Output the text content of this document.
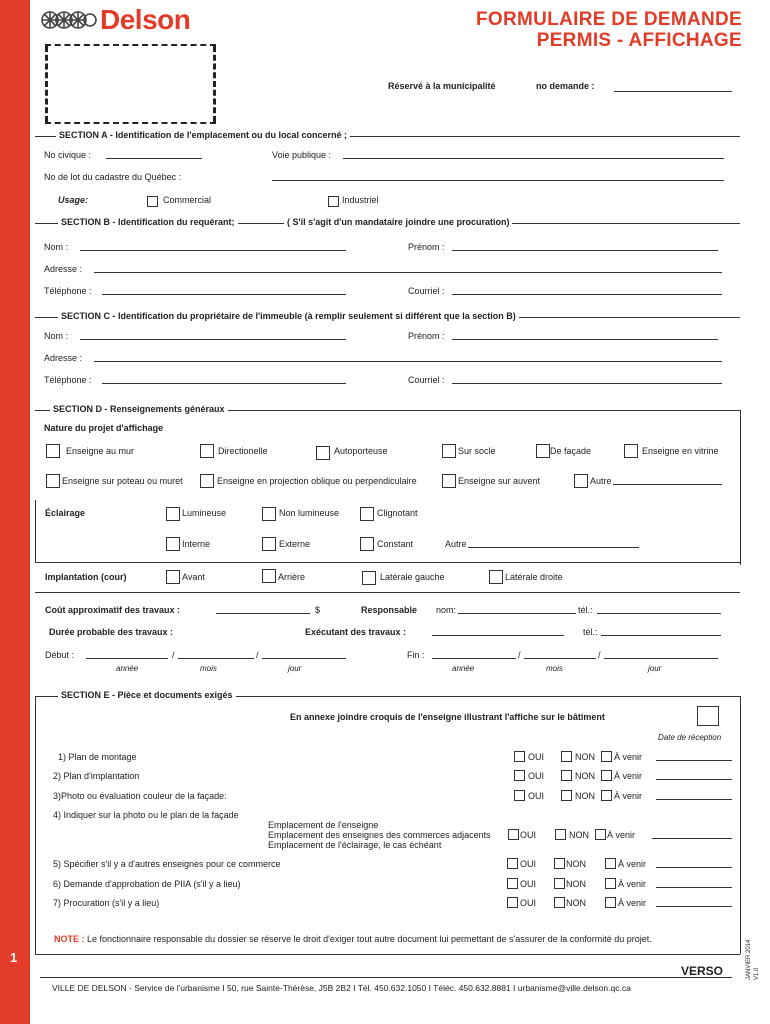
1
Delson	FORMULAIRE DE DEMANDE
PERMIS - AFFICHAGE
Réservé à la municipalité	no demande :
SECTION A - Identification de l'emplacement ou du local concerné ;
No civique :	Voie publique :
No de lot du cadastre du Québec :
Usage:	Commercial	Industriel
SECTION B - Identification du requérant;	( S'il s'agit d'un mandataire joindre une procuration)
Nom :	Prénom :
Adresse :
Téléphone :	Courriel :
SECTION C - Identification du propriétaire de l'immeuble (à remplir seulement si différent que la section B)
Nom :	Prénom :
Adresse :
Téléphone :	Courriel :
SECTION D - Renseignements généraux
Nature du projet d'affichage
Enseigne au mur	Directionelle	Autoporteuse	Sur socle	De façade	Enseigne en vitrine
Enseigne sur poteau ou muret	Enseigne en projection oblique ou perpendiculaire	Enseigne sur auvent	Autre
Éclairage	Lumineuse	Non lumineuse	Clignotant
Interne	Externe	Constant	Autre
Implantation (cour)	Avant	Arrière	Latérale gauche	Latérale droite
Coût approximatif des travaux :	$	Responsable nom:	tél.:
Durée probable des travaux :	Exécutant des travaux :	tél.:
Début :	/	/
année	mois	jour
Fin :	/	/
année	mois	jour
SECTION E - Pièce et documents exigés
En annexe joindre croquis de l'enseigne illustrant l'affiche sur le bâtiment
Date de réception
1) Plan de montage	OUI	NON À venir
2) Plan d'implantation	OUI	NON À venir
3)Photo ou évaluation couleur de la façade:	OUI	NON À venir
4) Indiquer sur la photo ou le plan de la façade
Emplacement de l'enseigne
Emplacement des enseignes des commerces adjacents
Emplacement de l'éclairage, le cas échéant
OUI	NON À venir
5) Spécifier s'il y a d'autres enseignes pour ce commerce	OUI	NON	À venir
6) Demande d'approbation de PIIA (s'il y a lieu)	OUI	NON	À venir
7) Procuration (s'il y a lieu)	OUI	NON	À venir
NOTE : Le fonctionnaire responsable du dossier se réserve le droit d'exiger tout autre document lui permettant de s'assurer de la conformité du projet.
VERSO
VILLE DE DELSON - Service de l'urbanisme I 50, rue Sainte-Thérèse, J5B 2B2 I Tél. 450.632.1050 I Téléc. 450.632.8881 I urbanisme@ville.delson.qc.ca
JANVIER 2014 V1.0
